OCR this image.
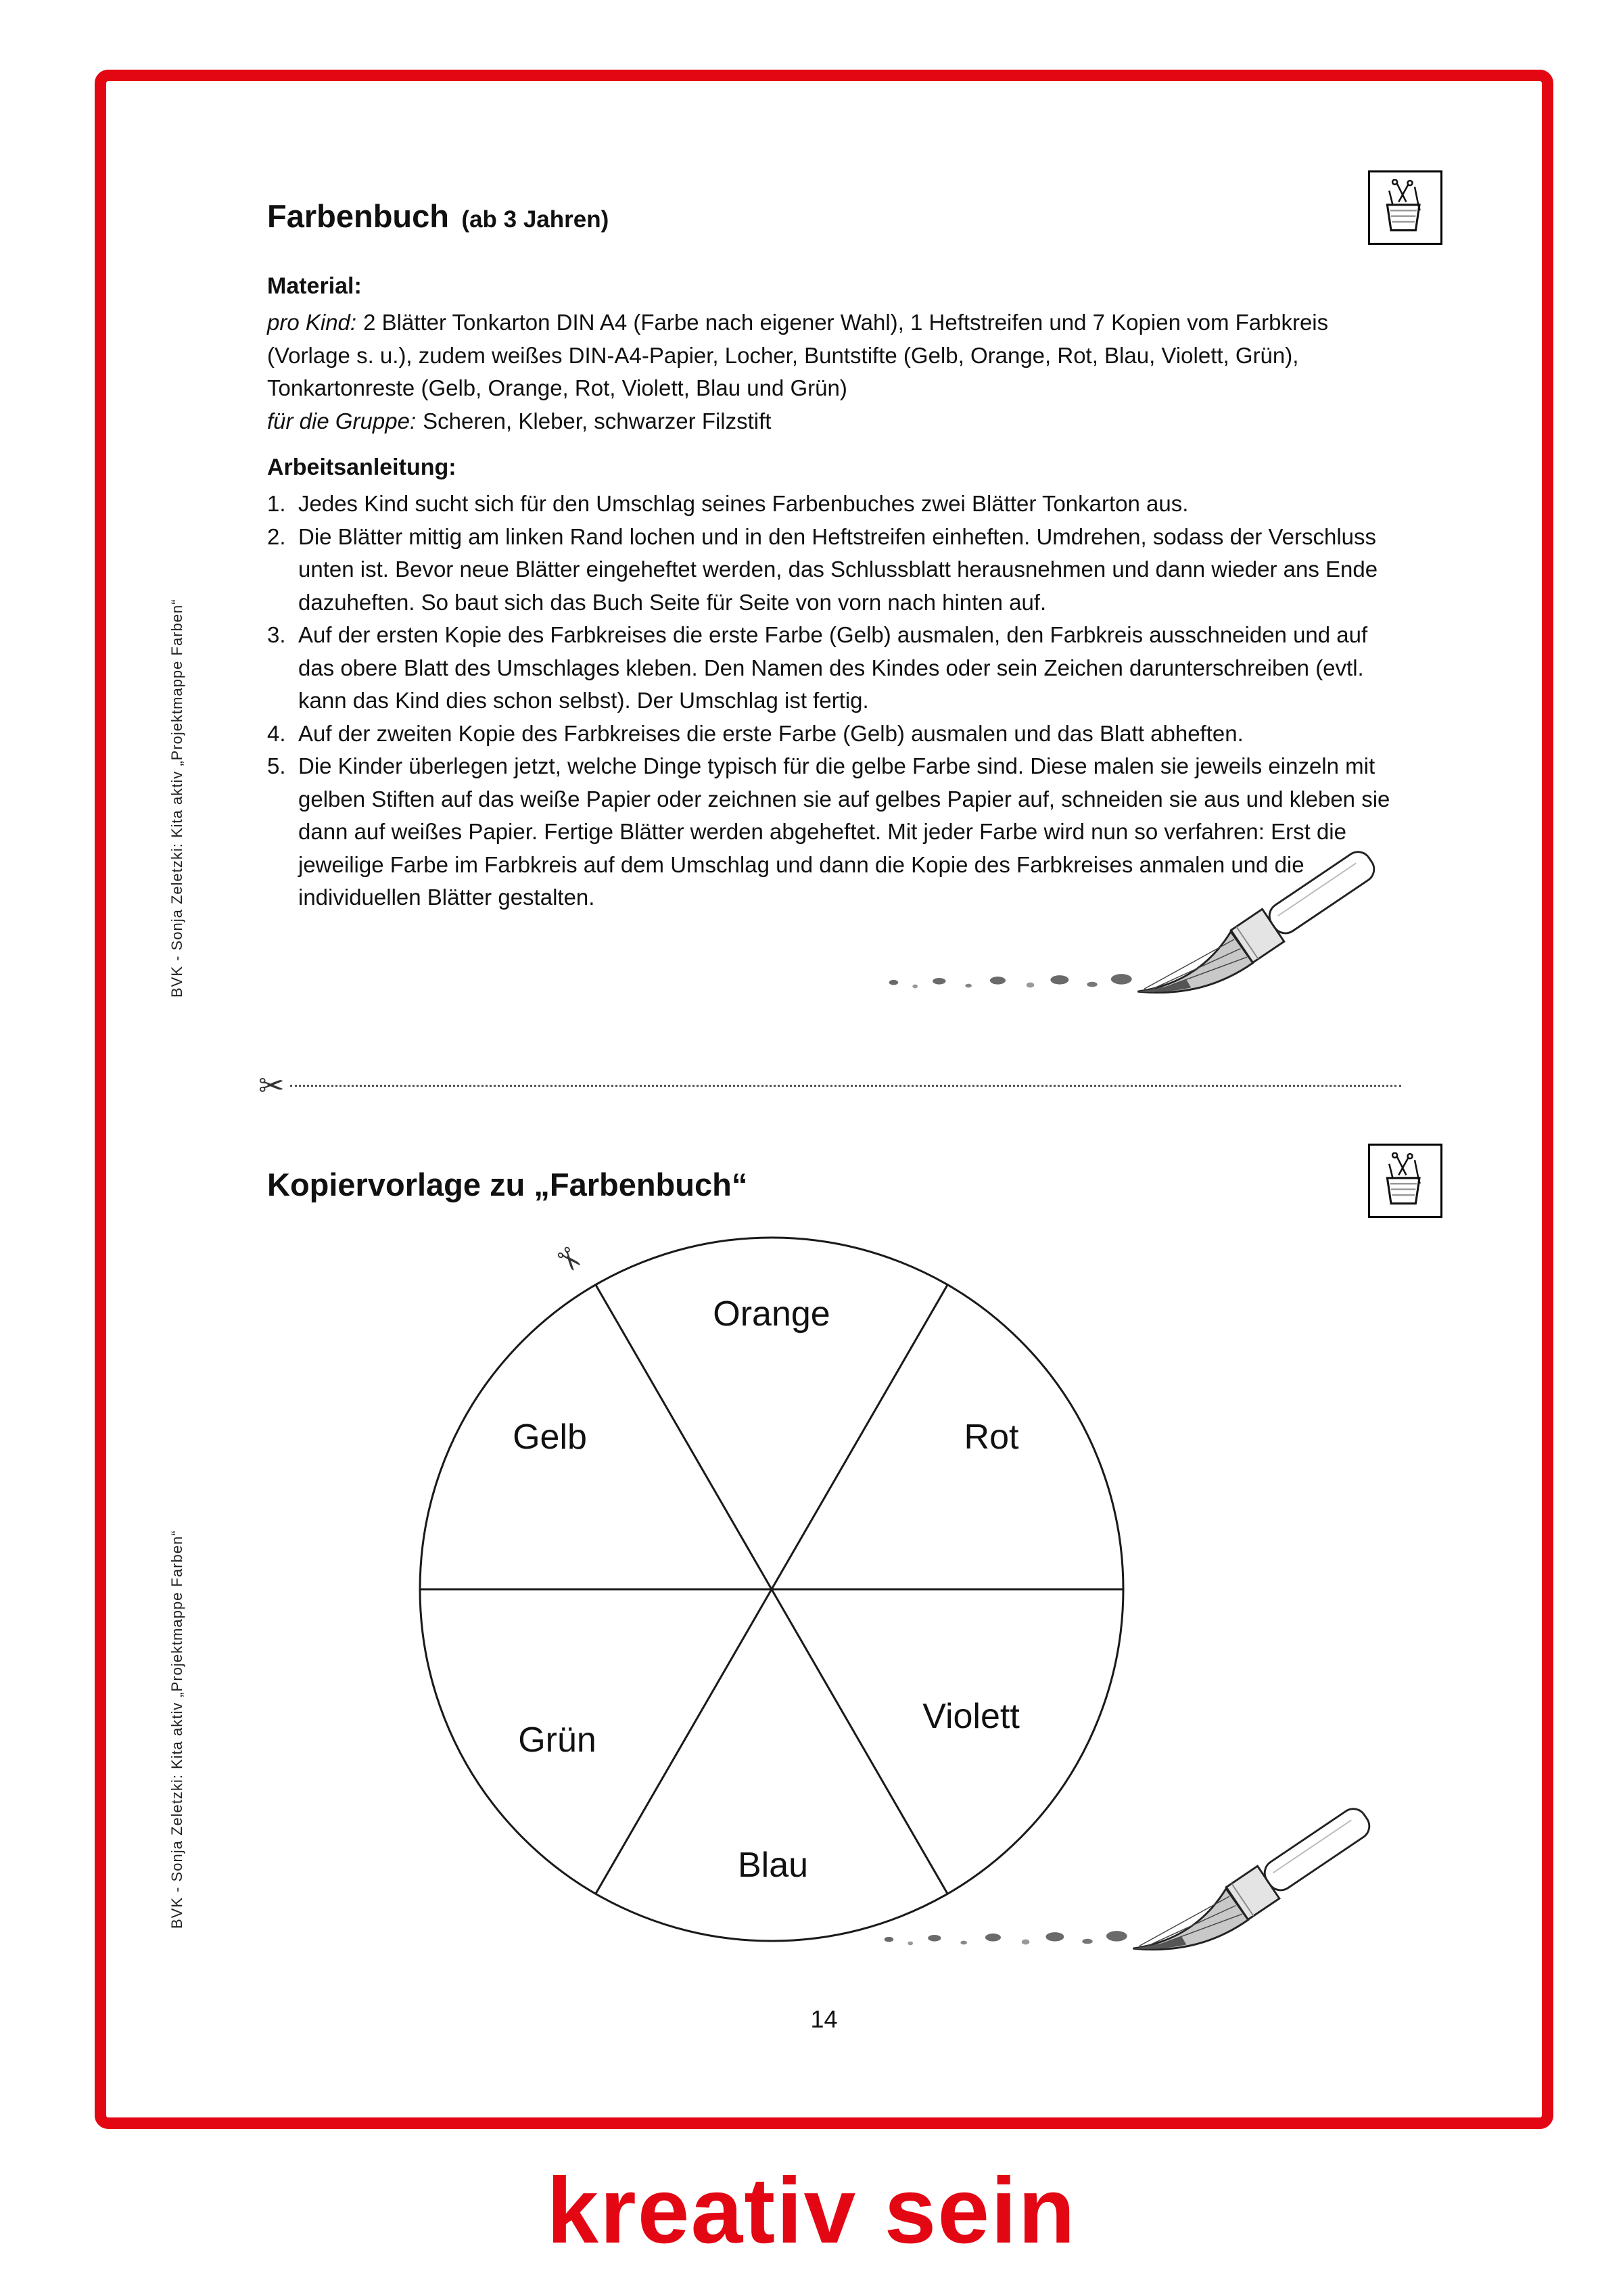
BVK - Sonja Zeletzki: Kita aktiv „Projektmappe Farben“
BVK - Sonja Zeletzki: Kita aktiv „Projektmappe Farben“
Farbenbuch (ab 3 Jahren)
Material:

pro Kind: 2 Blätter Tonkarton DIN A4 (Farbe nach eigener Wahl), 1 Heftstreifen und 7 Kopien vom Farbkreis (Vorlage s. u.), zudem weißes DIN-A4-Papier, Locher, Buntstifte (Gelb, Orange, Rot, Blau, Violett, Grün), Tonkartonreste (Gelb, Orange, Rot, Violett, Blau und Grün)

für die Gruppe: Scheren, Kleber, schwarzer Filzstift

Arbeitsanleitung:
1. Jedes Kind sucht sich für den Umschlag seines Farbenbuches zwei Blätter Tonkarton aus.
2. Die Blätter mittig am linken Rand lochen und in den Heftstreifen einheften. Umdrehen, sodass der Verschluss unten ist. Bevor neue Blätter eingeheftet werden, das Schlussblatt herausnehmen und dann wieder ans Ende dazuheften. So baut sich das Buch Seite für Seite von vorn nach hinten auf.
3. Auf der ersten Kopie des Farbkreises die erste Farbe (Gelb) ausmalen, den Farbkreis ausschneiden und auf das obere Blatt des Umschlages kleben. Den Namen des Kindes oder sein Zeichen darunterschreiben (evtl. kann das Kind dies schon selbst). Der Umschlag ist fertig.
4. Auf der zweiten Kopie des Farbkreises die erste Farbe (Gelb) ausmalen und das Blatt abheften.
5. Die Kinder überlegen jetzt, welche Dinge typisch für die gelbe Farbe sind. Diese malen sie jeweils einzeln mit gelben Stiften auf das weiße Papier oder zeichnen sie auf gelbes Papier auf, schneiden sie aus und kleben sie dann auf weißes Papier. Fertige Blätter werden abgeheftet. Mit jeder Farbe wird nun so verfahren: Erst die jeweilige Farbe im Farbkreis auf dem Umschlag und dann die Kopie des Farbkreises anmalen und die individuellen Blätter gestalten.
✂
Kopiervorlage zu „Farbenbuch“
Orange
Rot
Violett
Blau
Grün
Gelb
✂
14
kreativ sein
